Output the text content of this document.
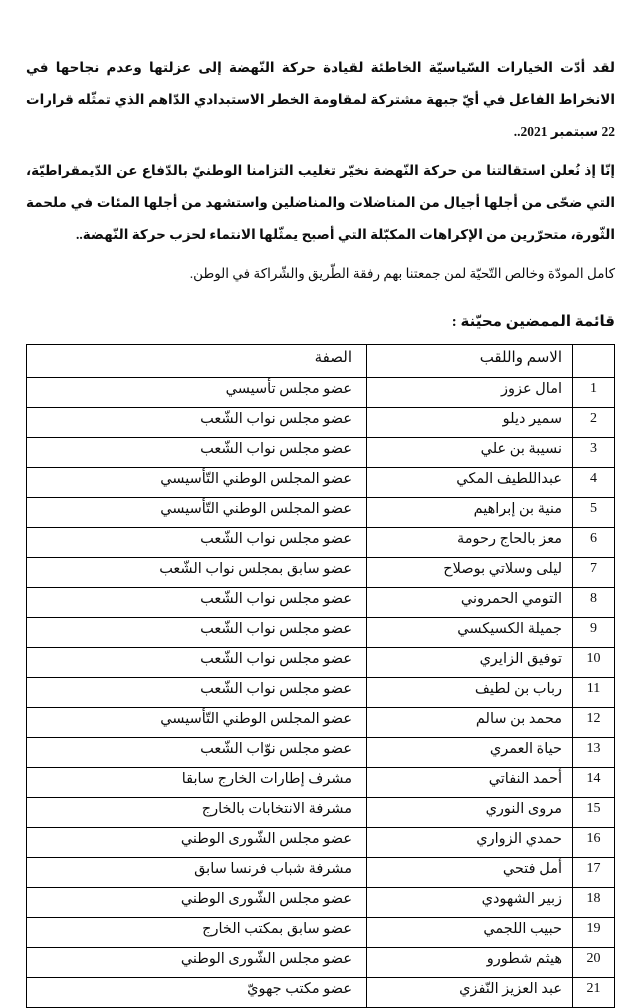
لقد أدّت الخيارات السّياسيّة الخاطئة لقيادة حركة النّهضة إلى عزلتها وعدم نجاحها في الانخراط الفاعل في أيّ جبهة مشتركة لمقاومة الخطر الاستبدادي الدّاهم الذي تمثّله قرارات 22 سبتمبر 2021..

إنّا إذ نُعلن استقالتنا من حركة النّهضة نخيّر تغليب التزامنا الوطنيّ بالدّفاع عن الدّيمقراطيّة، التي ضحّى من أجلها أجيال من المناضلات والمناضلين واستشهد من أجلها المئات في ملحمة الثّورة، متحرّرين من الإكراهات المكبّلة التي أصبح يمثّلها الانتماء لحزب حركة النّهضة..

كامل المودّة وخالص التّحيّة لمن جمعتنا بهم رفقة الطّريق والشّراكة في الوطن.

قائمة الممضين محيّنة :

	الاسم واللقب	الصفة
1	امال عزوز	عضو مجلس تأسيسي
2	سمير ديلو	عضو مجلس نواب الشّعب
3	نسيبة بن علي	عضو مجلس نواب الشّعب
4	عبداللطيف المكي	عضو المجلس الوطني التّأسيسي
5	منية بن إبراهيم	عضو المجلس الوطني التّأسيسي
6	معز بالحاج رحومة	عضو مجلس نواب الشّعب
7	ليلى وسلاتي بوصلاح	عضو سابق بمجلس نواب الشّعب
8	التومي الحمروني	عضو مجلس نواب الشّعب
9	جميلة الكسيكسي	عضو مجلس نواب الشّعب
10	توفيق الزايري	عضو مجلس نواب الشّعب
11	رباب بن لطيف	عضو مجلس نواب الشّعب
12	محمد بن سالم	عضو المجلس الوطني التّأسيسي
13	حياة العمري	عضو مجلس نوّاب الشّعب
14	أحمد النفاتي	مشرف إطارات الخارج سابقا
15	مروى النوري	مشرفة الانتخابات بالخارج
16	حمدي الزواري	عضو مجلس الشّورى الوطني
17	أمل فتحي	مشرفة شباب فرنسا سابق
18	زبير الشهودي	عضو مجلس الشّورى الوطني
19	حبيب اللجمي	عضو سابق بمكتب الخارج
20	هيثم شطورو	عضو مجلس الشّورى الوطني
21	عبد العزيز النّفزي	عضو مكتب جهويّ
